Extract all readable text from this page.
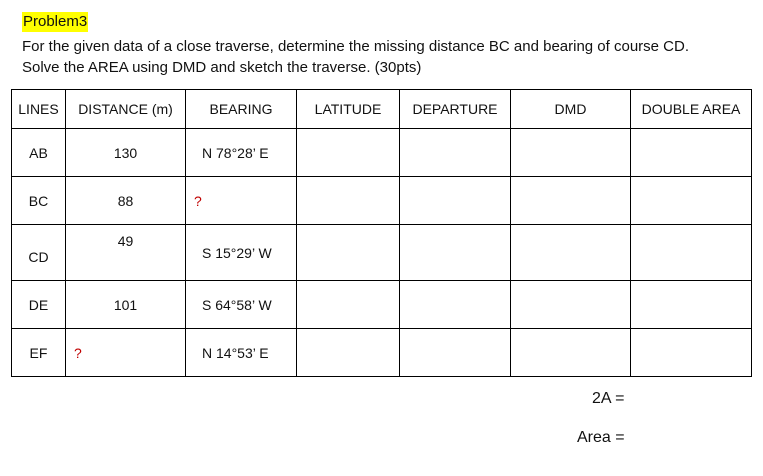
Problem3
For the given data of a close traverse, determine the missing distance BC and bearing of course CD.
Solve the AREA using DMD and sketch the traverse. (30pts)
LINES	DISTANCE (m)	BEARING	LATITUDE	DEPARTURE	DMD	DOUBLE AREA
AB	130	N 78°28’ E				
BC	88	?				
CD	49	S 15°29’ W				
DE	101	S 64°58’ W				
EF	?	N 14°53’ E				
2A =
Area =
